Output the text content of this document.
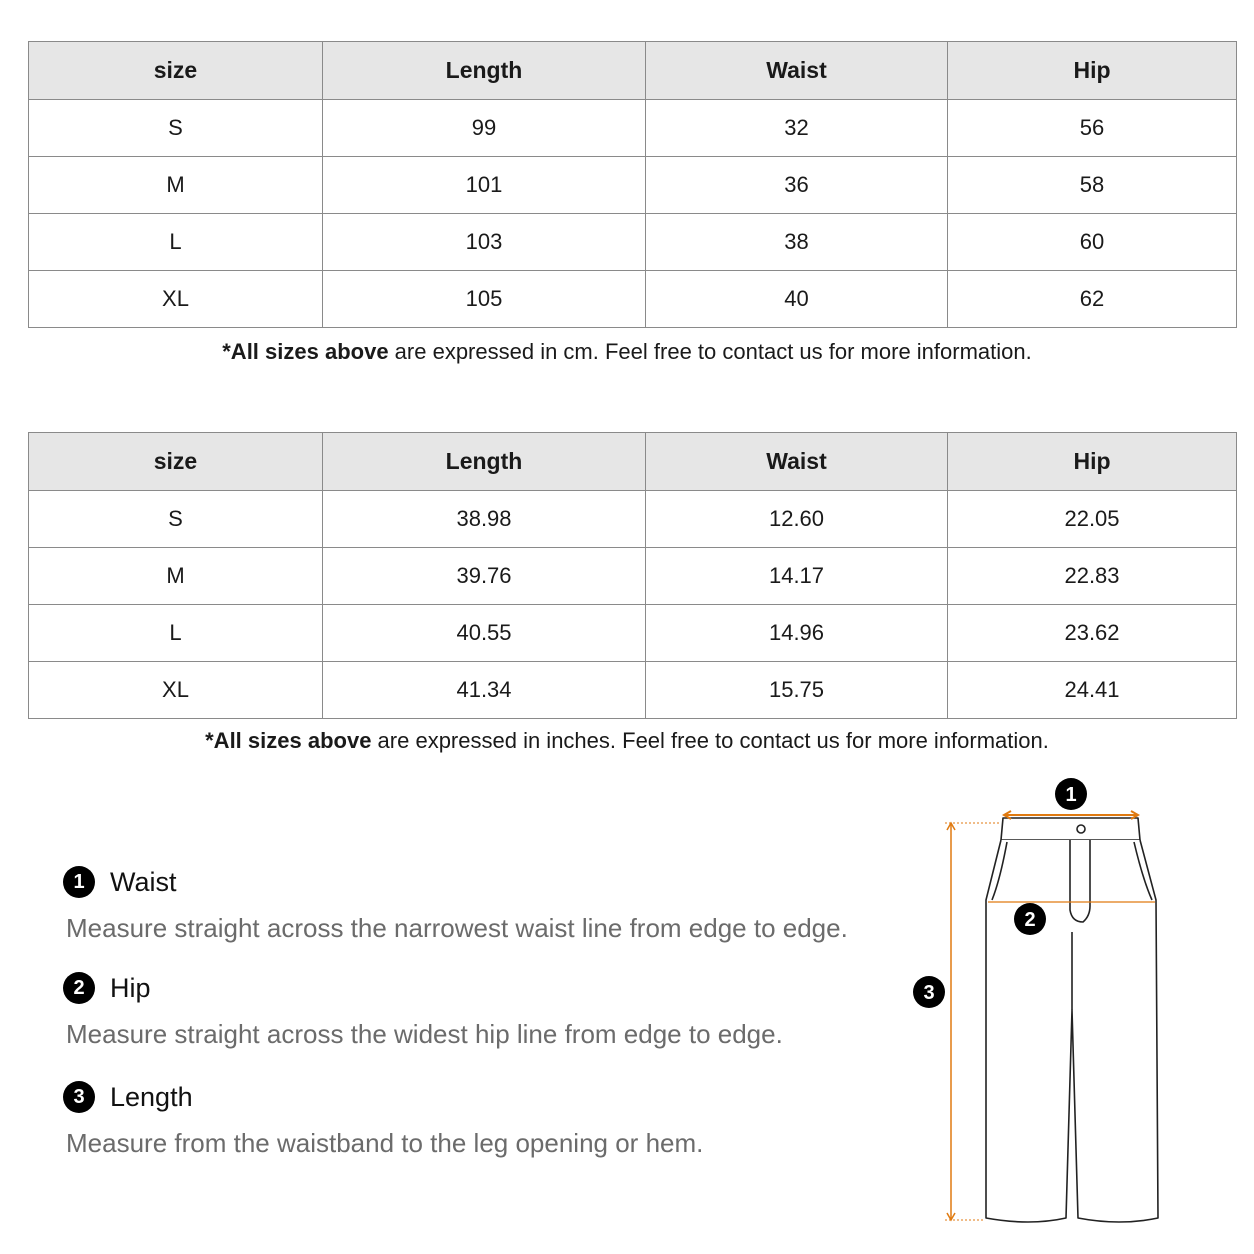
size	Length	Waist	Hip
S	99	32	56
M	101	36	58
L	103	38	60
XL	105	40	62
*All sizes above are expressed in cm. Feel free to contact us for more information.
size	Length	Waist	Hip
S	38.98	12.60	22.05
M	39.76	14.17	22.83
L	40.55	14.96	23.62
XL	41.34	15.75	24.41
*All sizes above are expressed in inches. Feel free to contact us for more information.
1 Waist
Measure straight across the narrowest waist line from edge to edge.
2 Hip
Measure straight across the widest hip line from edge to edge.
3 Length
Measure from the waistband to the leg opening or hem.
1
2
3
